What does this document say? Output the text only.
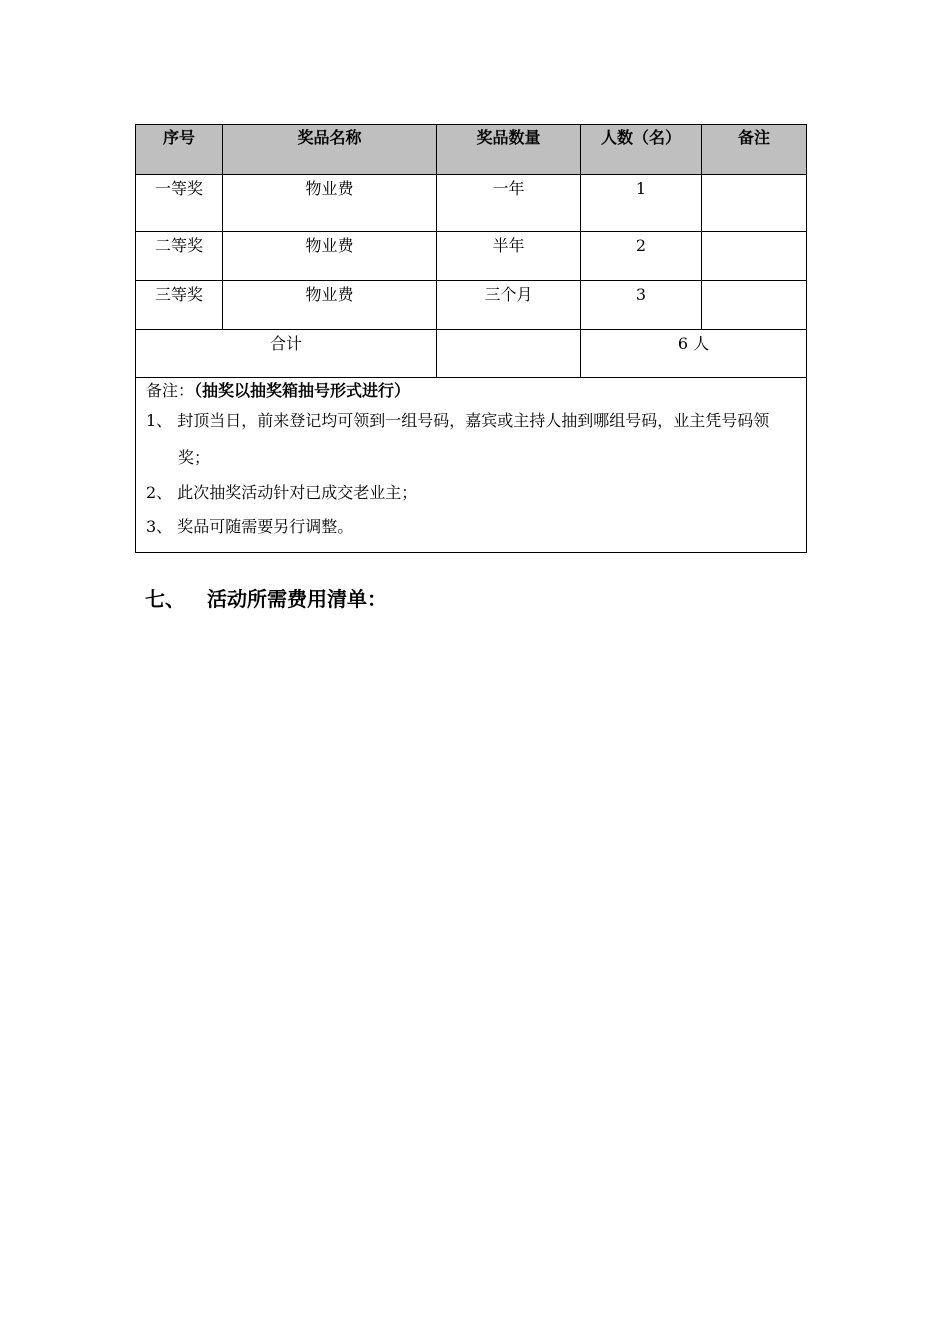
序号	奖品名称	奖品数量	人数（名）	备注
一等奖	物业费	一年	1	
二等奖	物业费	半年	2	
三等奖	物业费	三个月	3	
合计			6 人	

备注：（抽奖以抽奖箱抽号形式进行）

1、 封顶当日，前来登记均可领到一组号码，嘉宾或主持人抽到哪组号码，业主凭号码领奖；

2、 此次抽奖活动针对已成交老业主；

3、 奖品可随需要另行调整。				

七、 活动所需费用清单：
